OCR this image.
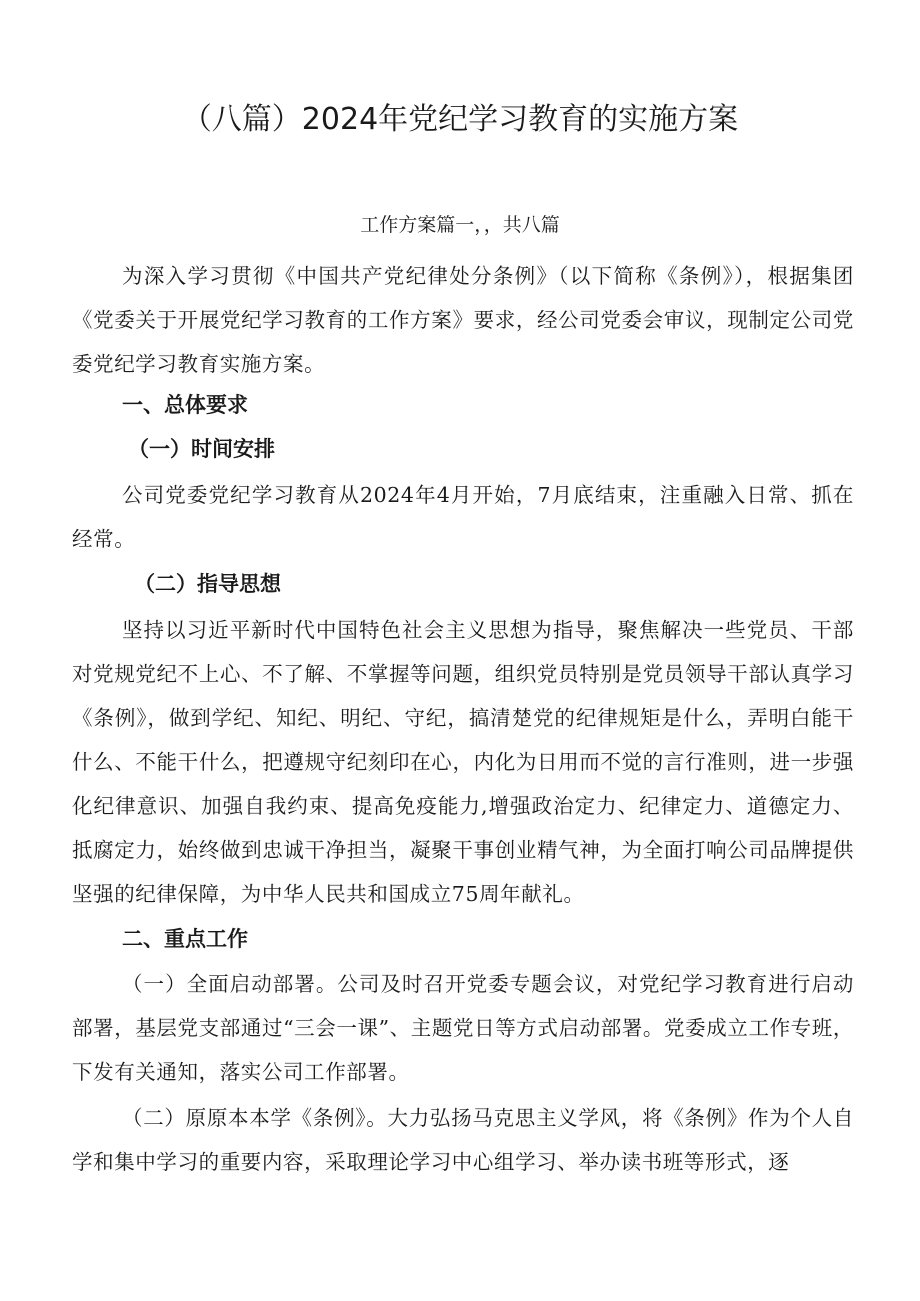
（八篇）2024年党纪学习教育的实施方案

工作方案篇一，，共八篇

为深入学习贯彻《中国共产党纪律处分条例》（以下简称《条例》），根据集团《党委关于开展党纪学习教育的工作方案》要求，经公司党委会审议，现制定公司党委党纪学习教育实施方案。

一、总体要求
（一）时间安排

公司党委党纪学习教育从2024年4月开始，7月底结束，注重融入日常、抓在经常。

（二）指导思想

坚持以习近平新时代中国特色社会主义思想为指导，聚焦解决一些党员、干部对党规党纪不上心、不了解、不掌握等问题，组织党员特别是党员领导干部认真学习《条例》，做到学纪、知纪、明纪、守纪，搞清楚党的纪律规矩是什么，弄明白能干什么、不能干什么，把遵规守纪刻印在心，内化为日用而不觉的言行准则，进一步强化纪律意识、加强自我约束、提高免疫能力,增强政治定力、纪律定力、道德定力、抵腐定力，始终做到忠诚干净担当，凝聚干事创业精气神，为全面打响公司品牌提供坚强的纪律保障，为中华人民共和国成立75周年献礼。

二、重点工作

（一）全面启动部署。公司及时召开党委专题会议，对党纪学习教育进行启动部署，基层党支部通过“三会一课”、主题党日等方式启动部署。党委成立工作专班，下发有关通知，落实公司工作部署。

（二）原原本本学《条例》。大力弘扬马克思主义学风，将《条例》作为个人自学和集中学习的重要内容，采取理论学习中心组学习、举办读书班等形式，逐
